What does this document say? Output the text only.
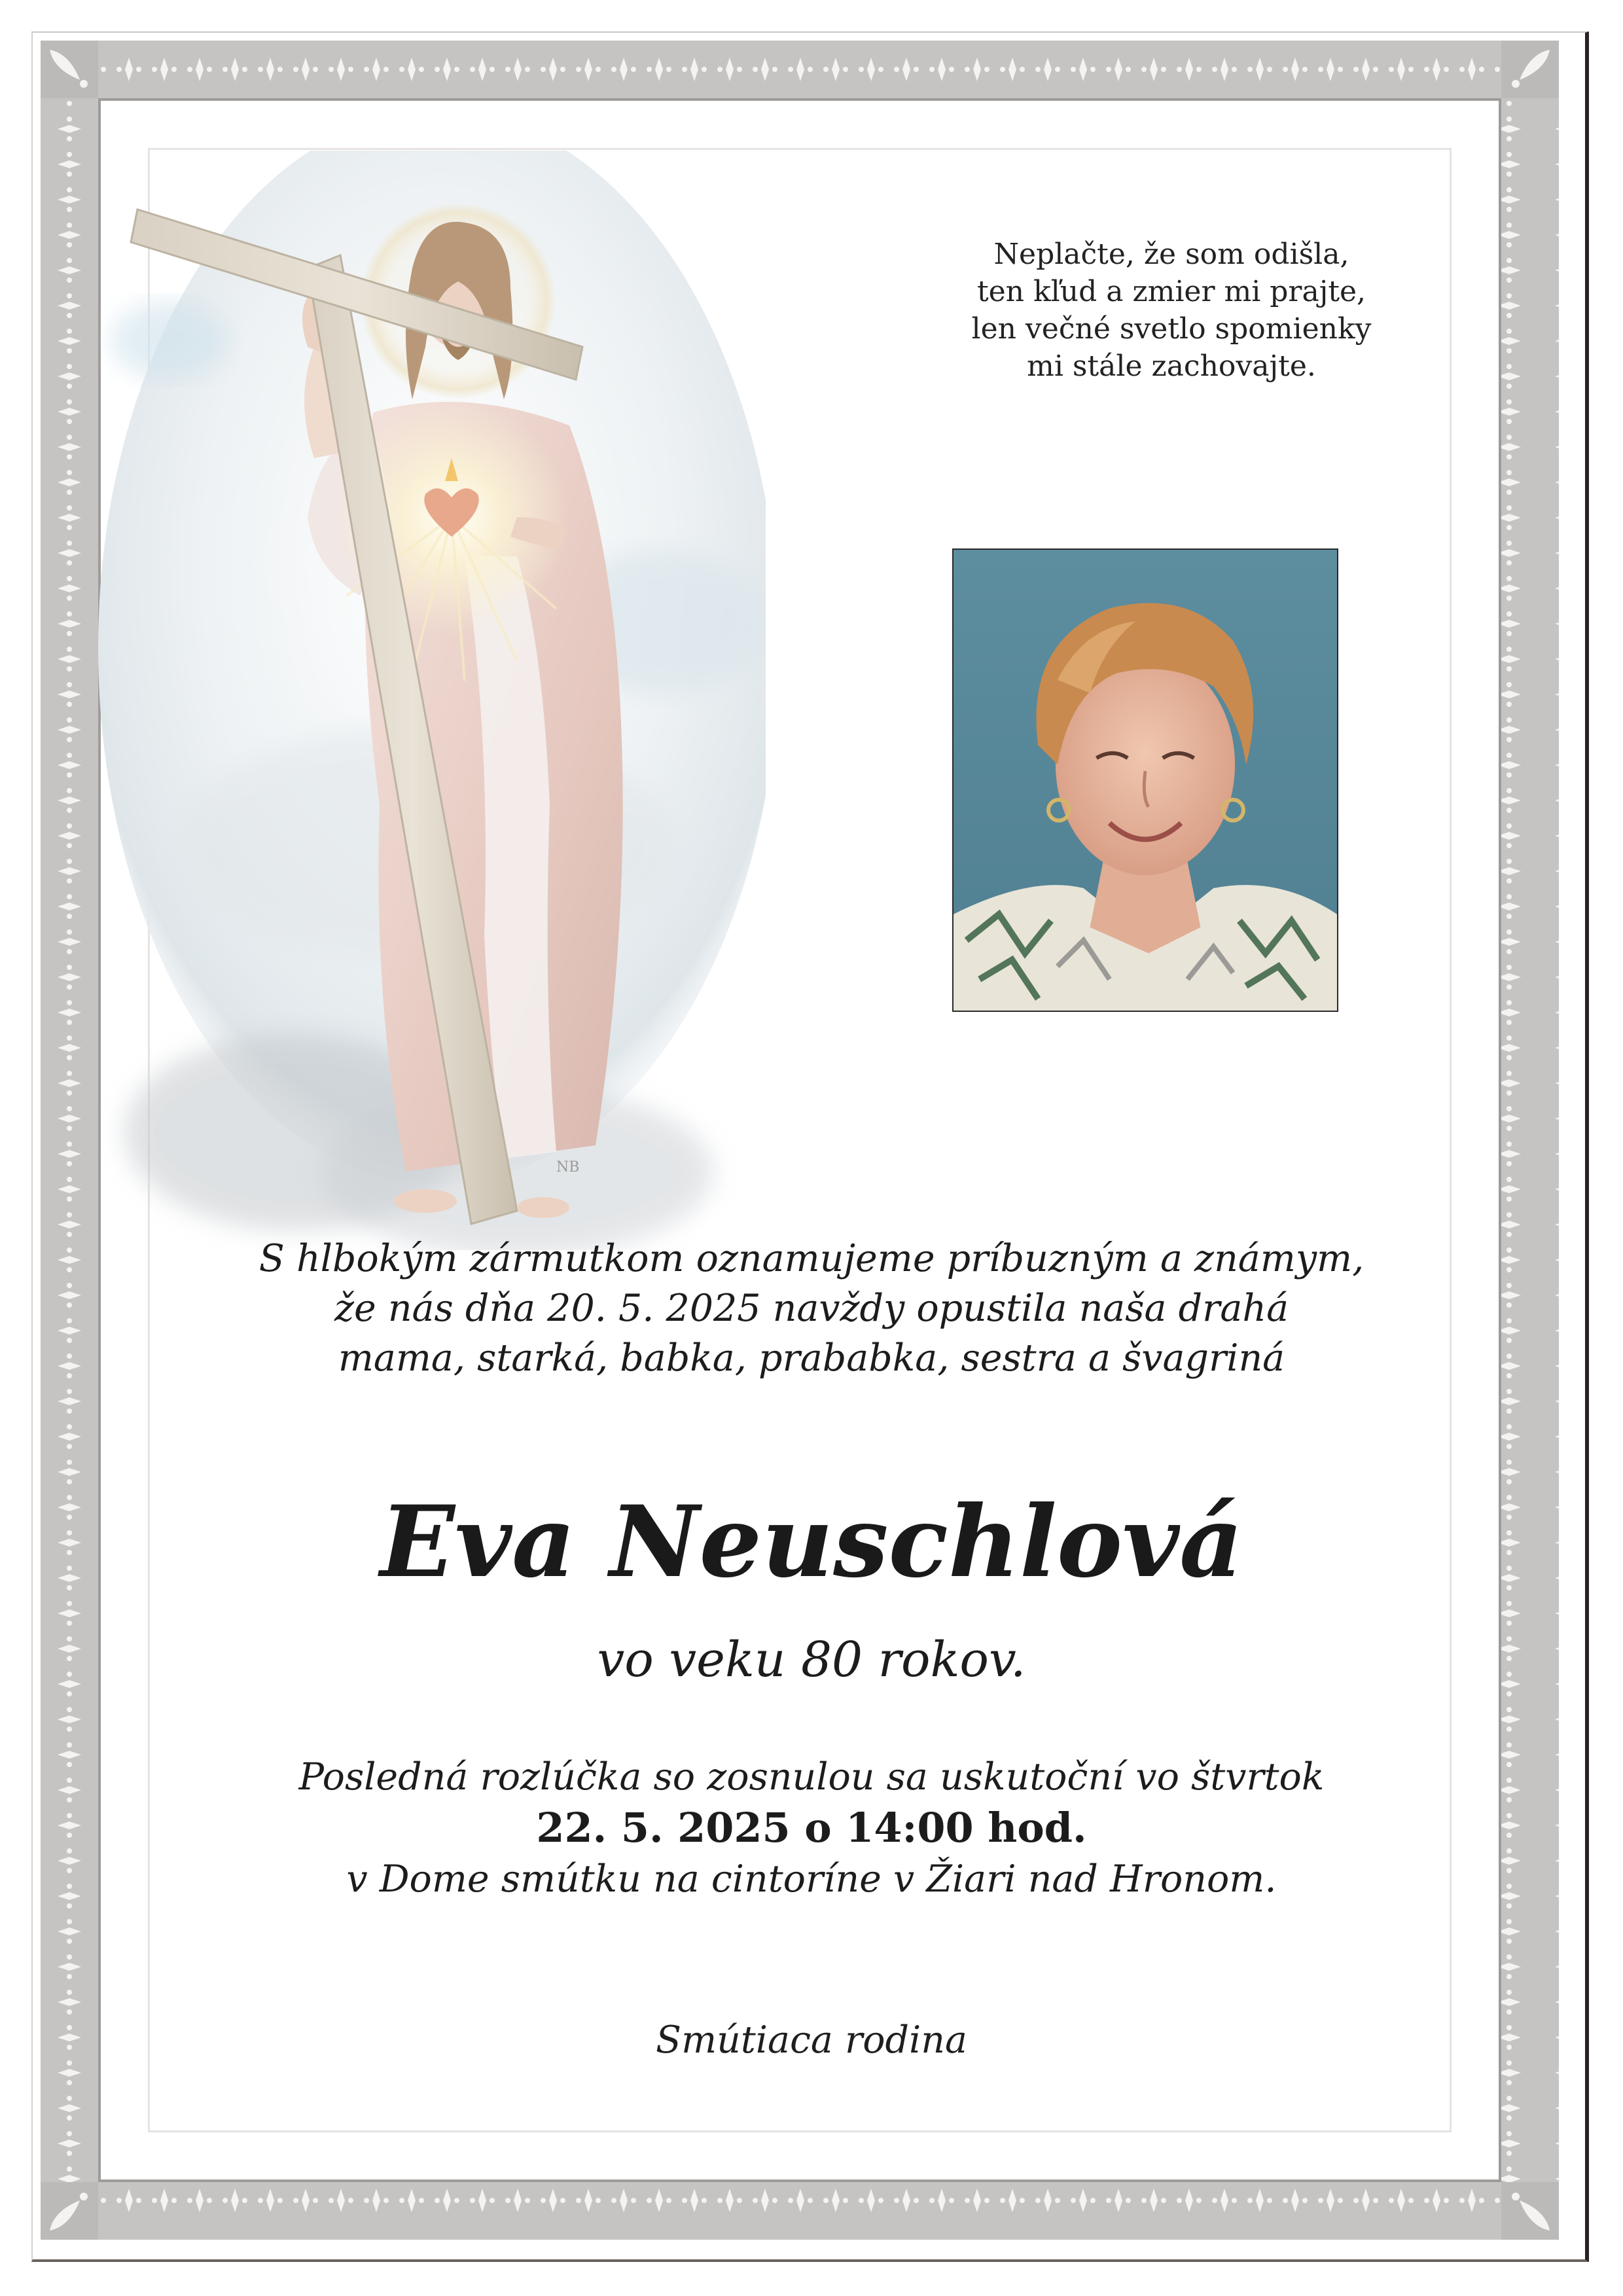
NB
Neplačte, že som odišla,
ten kľud a zmier mi prajte,
len večné svetlo spomienky
mi stále zachovajte.
S hlbokým zármutkom oznamujeme príbuzným a známym,
že nás dňa 20. 5. 2025 navždy opustila naša drahá
mama, starká, babka, prababka, sestra a švagriná
Eva Neuschlová
vo veku 80 rokov.
Posledná rozlúčka so zosnulou sa uskutoční vo štvrtok
22. 5. 2025 o 14:00 hod.
v Dome smútku na cintoríne v Žiari nad Hronom.
Smútiaca rodina
